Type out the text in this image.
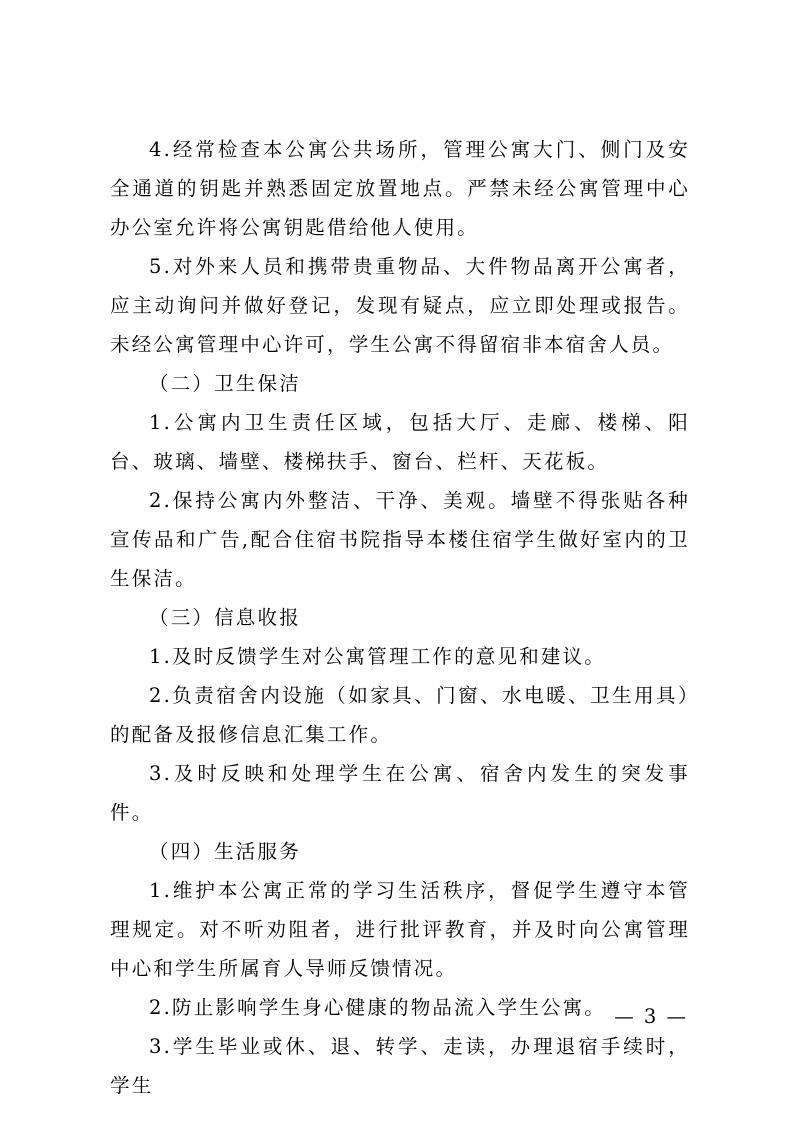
4.经常检查本公寓公共场所，管理公寓大门、侧门及安全通道的钥匙并熟悉固定放置地点。严禁未经公寓管理中心办公室允许将公寓钥匙借给他人使用。

5.对外来人员和携带贵重物品、大件物品离开公寓者，应主动询问并做好登记，发现有疑点，应立即处理或报告。未经公寓管理中心许可，学生公寓不得留宿非本宿舍人员。

（二）卫生保洁

1.公寓内卫生责任区域，包括大厅、走廊、楼梯、阳台、玻璃、墙壁、楼梯扶手、窗台、栏杆、天花板。

2.保持公寓内外整洁、干净、美观。墙壁不得张贴各种宣传品和广告,配合住宿书院指导本楼住宿学生做好室内的卫生保洁。

（三）信息收报

1.及时反馈学生对公寓管理工作的意见和建议。

2.负责宿舍内设施（如家具、门窗、水电暖、卫生用具）的配备及报修信息汇集工作。

3.及时反映和处理学生在公寓、宿舍内发生的突发事件。

（四）生活服务

1.维护本公寓正常的学习生活秩序，督促学生遵守本管理规定。对不听劝阻者，进行批评教育，并及时向公寓管理中心和学生所属育人导师反馈情况。

2.防止影响学生身心健康的物品流入学生公寓。

3.学生毕业或休、退、转学、走读，办理退宿手续时，学生

— 3 —
